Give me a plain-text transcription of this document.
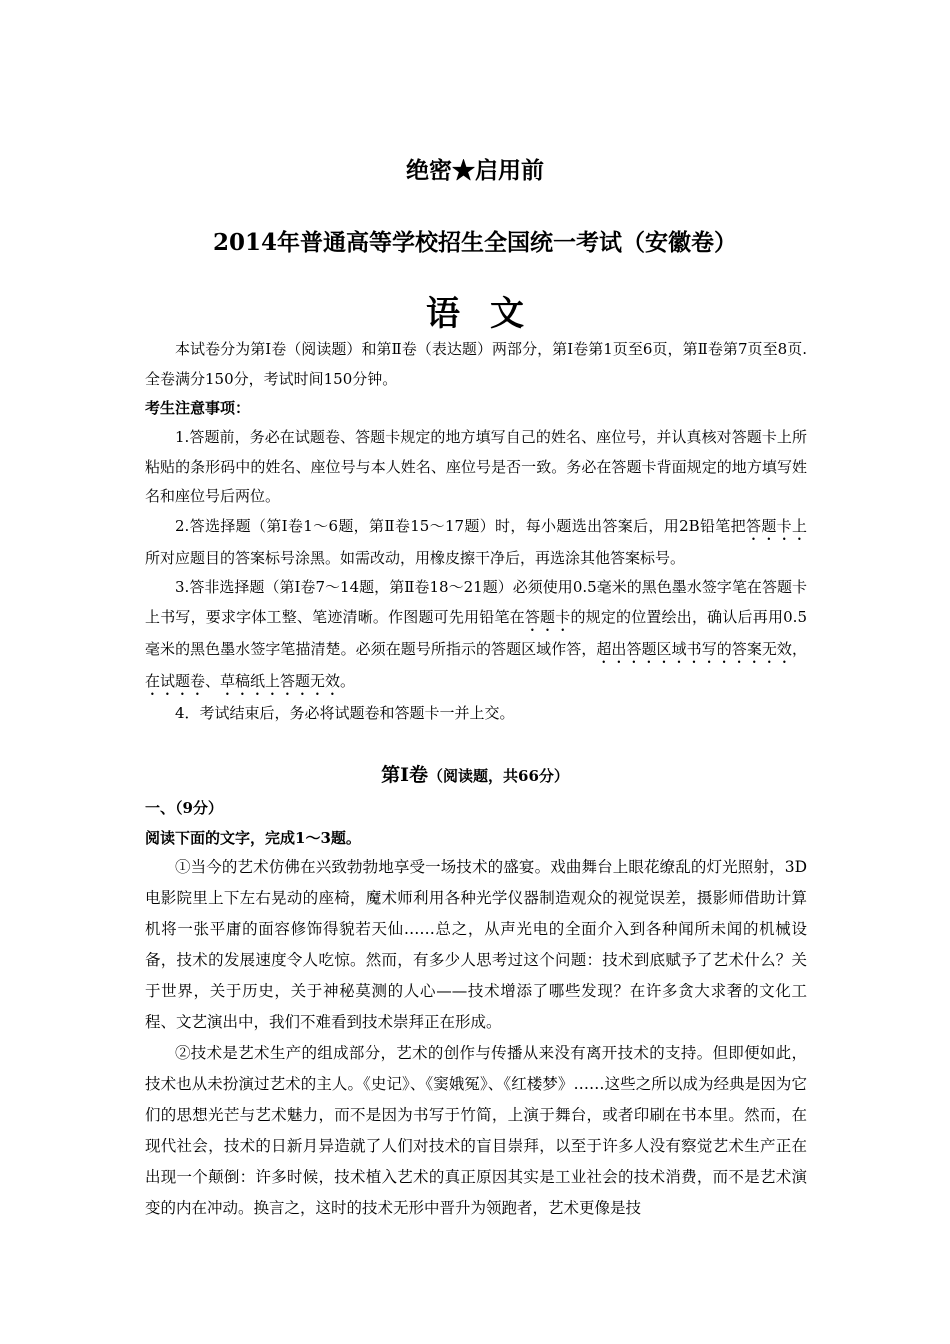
绝密★启用前
2014年普通高等学校招生全国统一考试（安徽卷）
语文

本试卷分为第Ⅰ卷（阅读题）和第Ⅱ卷（表达题）两部分，第Ⅰ卷第1页至6页，第Ⅱ卷第7页至8页.全卷满分150分，考试时间150分钟。

考生注意事项：

1.答题前，务必在试题卷、答题卡规定的地方填写自己的姓名、座位号，并认真核对答题卡上所粘贴的条形码中的姓名、座位号与本人姓名、座位号是否一致。务必在答题卡背面规定的地方填写姓名和座位号后两位。

2.答选择题（第Ⅰ卷1～6题，第Ⅱ卷15～17题）时，每小题选出答案后，用2B铅笔把答题卡上所对应题目的答案标号涂黑。如需改动，用橡皮擦干净后，再选涂其他答案标号。

3.答非选择题（第Ⅰ卷7～14题，第Ⅱ卷18～21题）必须使用0.5毫米的黑色墨水签字笔在答题卡上书写，要求字体工整、笔迹清晰。作图题可先用铅笔在答题卡的规定的位置绘出，确认后再用0.5毫米的黑色墨水签字笔描清楚。必须在题号所指示的答题区域作答，超出答题区域书写的答案无效，在试题卷、草稿纸上答题无效。

4．考试结束后，务必将试题卷和答题卡一并上交。

第Ⅰ卷（阅读题，共66分）

一、（9分）

阅读下面的文字，完成1～3题。

①当今的艺术仿佛在兴致勃勃地享受一场技术的盛宴。戏曲舞台上眼花缭乱的灯光照射，3D电影院里上下左右晃动的座椅，魔术师利用各种光学仪器制造观众的视觉误差，摄影师借助计算机将一张平庸的面容修饰得貌若天仙……总之，从声光电的全面介入到各种闻所未闻的机械设备，技术的发展速度令人吃惊。然而，有多少人思考过这个问题：技术到底赋予了艺术什么？关于世界，关于历史，关于神秘莫测的人心——技术增添了哪些发现？在许多贪大求奢的文化工程、文艺演出中，我们不难看到技术崇拜正在形成。

②技术是艺术生产的组成部分，艺术的创作与传播从来没有离开技术的支持。但即便如此，技术也从未扮演过艺术的主人。《史记》、《窦娥冤》、《红楼梦》……这些之所以成为经典是因为它们的思想光芒与艺术魅力，而不是因为书写于竹简，上演于舞台，或者印刷在书本里。然而，在现代社会，技术的日新月异造就了人们对技术的盲目崇拜，以至于许多人没有察觉艺术生产正在出现一个颠倒：许多时候，技术植入艺术的真正原因其实是工业社会的技术消费，而不是艺术演变的内在冲动。换言之，这时的技术无形中晋升为领跑者，艺术更像是技
